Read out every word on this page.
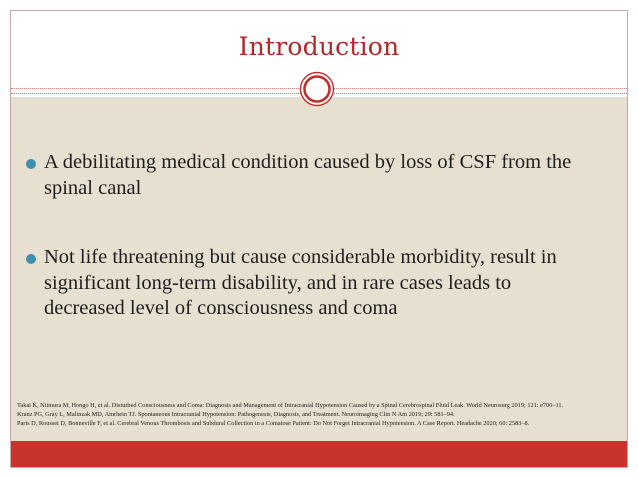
Introduction
A debilitating medical condition caused by loss of CSF from the spinal canal
Not life threatening but cause considerable morbidity, result in significant long-term disability, and in rare cases leads to decreased level of consciousness and coma

Takai K, Niimura M, Hongo H, et al. Disturbed Consciousness and Coma: Diagnosis and Management of Intracranial Hypotension Caused by a Spinal Cerebrospinal Fluid Leak. World Neurosurg 2019; 121: e700–11.

Kranz PG, Gray L, Malinzak MD, Amrhein TJ. Spontaneous Intracranial Hypotension: Pathogenesis, Diagnosis, and Treatment. Neuroimaging Clin N Am 2019; 29: 581–94.

Paris D, Rousset D, Bonneville F, et al. Cerebral Venous Thrombosis and Subdural Collection in a Comatose Patient: Do Not Forget Intracranial Hypotension. A Case Report. Headache 2020; 60: 2583–8.
